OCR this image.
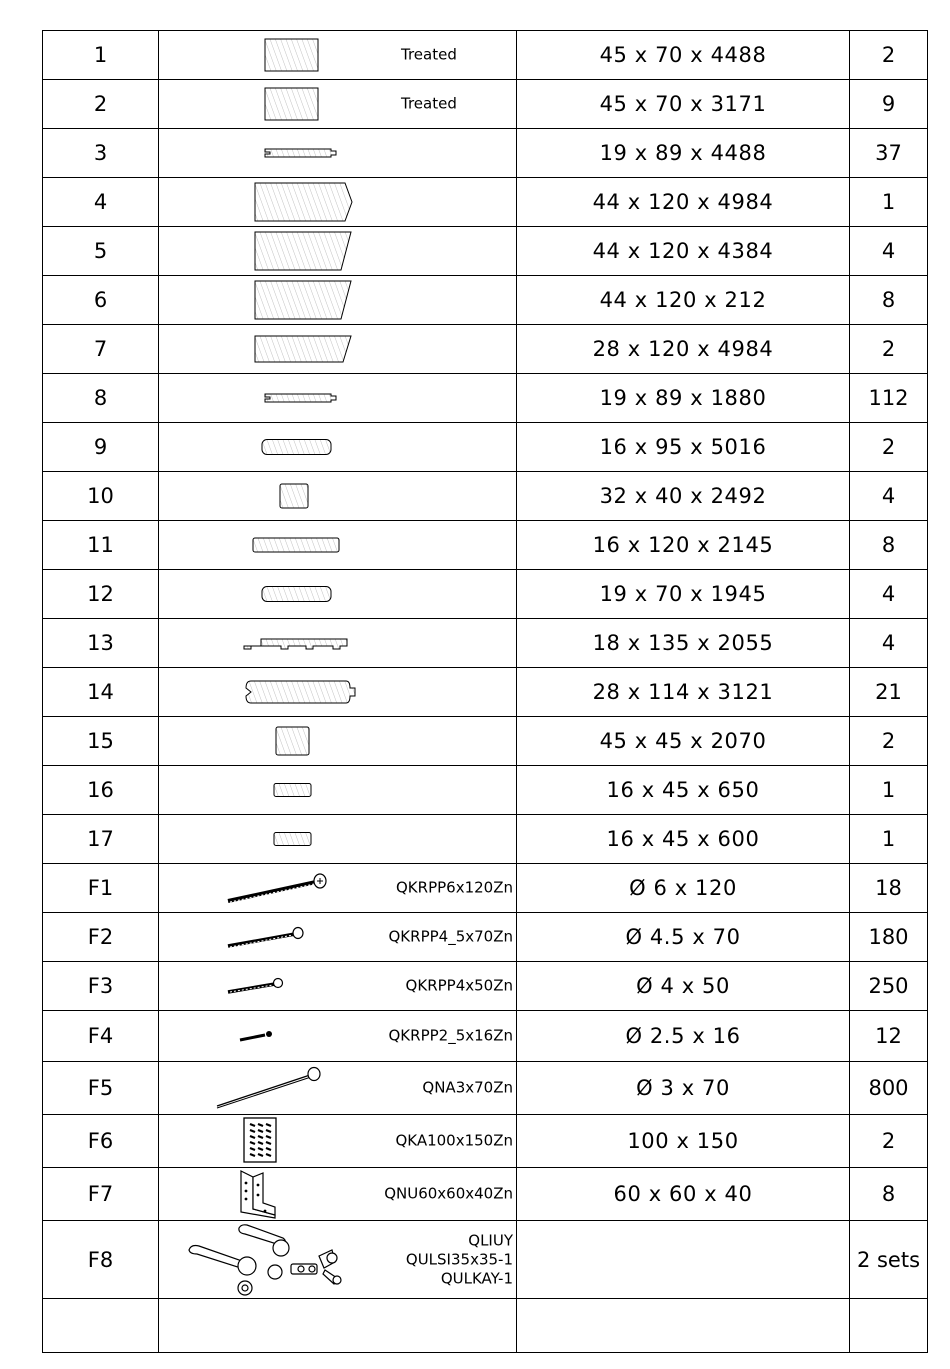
1	Treated	45 x 70 x 4488	2
2	Treated	45 x 70 x 3171	9
3		19 x 89 x 4488	37
4		44 x 120 x 4984	1
5		44 x 120 x 4384	4
6		44 x 120 x 212	8
7		28 x 120 x 4984	2
8		19 x 89 x 1880	112
9		16 x 95 x 5016	2
10		32 x 40 x 2492	4
11		16 x 120 x 2145	8
12		19 x 70 x 1945	4
13		18 x 135 x 2055	4
14		28 x 114 x 3121	21
15		45 x 45 x 2070	2
16		16 x 45 x 650	1
17		16 x 45 x 600	1
F1	QKRPP6x120Zn	Ø 6 x 120	18
F2	QKRPP4_5x70Zn	Ø 4.5 x 70	180
F3	QKRPP4x50Zn	Ø 4 x 50	250
F4	QKRPP2_5x16Zn	Ø 2.5 x 16	12
F5	QNA3x70Zn	Ø 3 x 70	800
F6	QKA100x150Zn	100 x 150	2
F7	QNU60x60x40Zn	60 x 60 x 40	8
F8	QLIUY
QULSI35x35-1
QULKAY-1		2 sets
